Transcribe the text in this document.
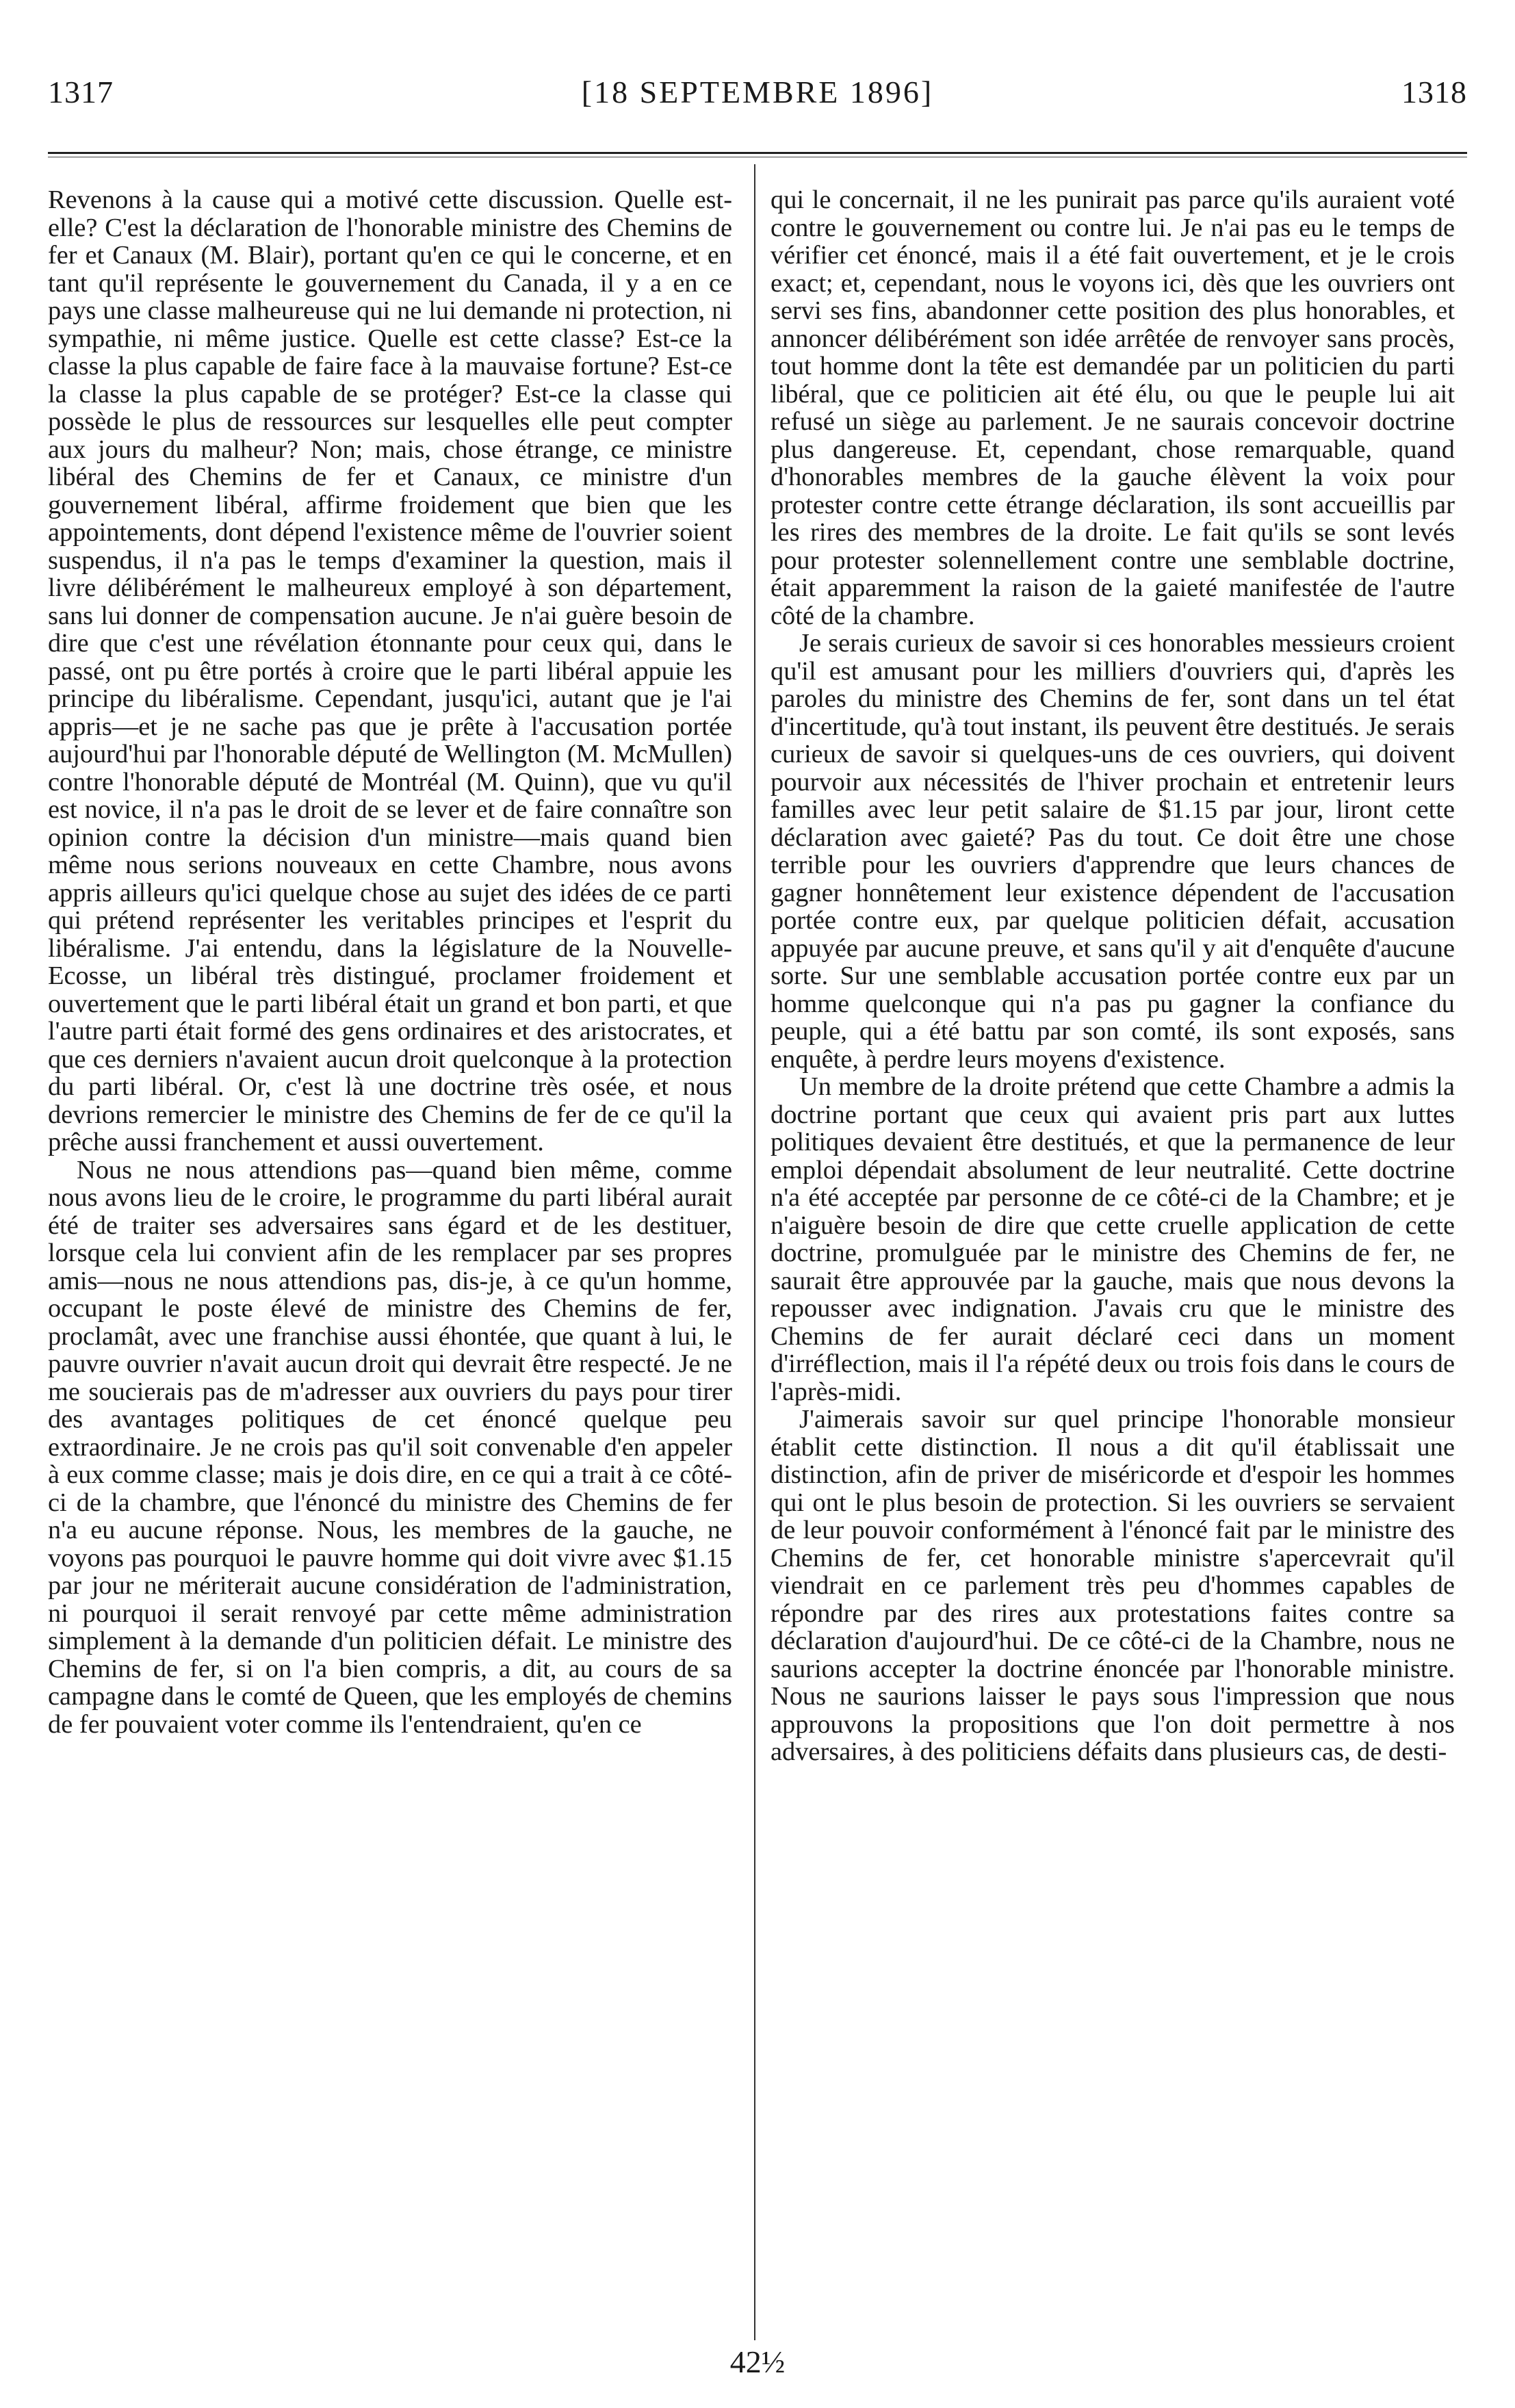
1317	[18 SEPTEMBRE 1896]	1318

Revenons à la cause qui a motivé cette discussion. Quelle est-elle? C'est la déclaration de l'honorable ministre des Chemins de fer et Canaux (M. Blair), portant qu'en ce qui le concerne, et en tant qu'il représente le gouvernement du Canada, il y a en ce pays une classe malheureuse qui ne lui demande ni protection, ni sympathie, ni même justice. Quelle est cette classe? Est-ce la classe la plus capable de faire face à la mauvaise fortune? Est-ce la classe la plus capable de se protéger? Est-ce la classe qui possède le plus de ressources sur lesquelles elle peut compter aux jours du malheur? Non; mais, chose étrange, ce ministre libéral des Chemins de fer et Canaux, ce ministre d'un gouvernement libéral, affirme froidement que bien que les appointements, dont dépend l'existence même de l'ouvrier soient suspendus, il n'a pas le temps d'examiner la question, mais il livre délibérément le malheureux employé à son département, sans lui donner de compensation aucune. Je n'ai guère besoin de dire que c'est une révélation étonnante pour ceux qui, dans le passé, ont pu être portés à croire que le parti libéral appuie les principe du libéralisme. Cependant, jusqu'ici, autant que je l'ai appris—et je ne sache pas que je prête à l'accusation portée aujourd'hui par l'honorable député de Wellington (M. McMullen) contre l'honorable député de Montréal (M. Quinn), que vu qu'il est novice, il n'a pas le droit de se lever et de faire connaître son opinion contre la décision d'un ministre—mais quand bien même nous serions nouveaux en cette Chambre, nous avons appris ailleurs qu'ici quelque chose au sujet des idées de ce parti qui prétend représenter les veritables principes et l'esprit du libéralisme. J'ai entendu, dans la législature de la Nouvelle-Ecosse, un libéral très distingué, proclamer froidement et ouvertement que le parti libéral était un grand et bon parti, et que l'autre parti était formé des gens ordinaires et des aristocrates, et que ces derniers n'avaient aucun droit quelconque à la protection du parti libéral. Or, c'est là une doctrine très osée, et nous devrions remercier le ministre des Chemins de fer de ce qu'il la prêche aussi franchement et aussi ouvertement.

Nous ne nous attendions pas—quand bien même, comme nous avons lieu de le croire, le programme du parti libéral aurait été de traiter ses adversaires sans égard et de les destituer, lorsque cela lui convient afin de les remplacer par ses propres amis—nous ne nous attendions pas, dis-je, à ce qu'un homme, occupant le poste élevé de ministre des Chemins de fer, proclamât, avec une franchise aussi éhontée, que quant à lui, le pauvre ouvrier n'avait aucun droit qui devrait être respecté. Je ne me soucierais pas de m'adresser aux ouvriers du pays pour tirer des avantages politiques de cet énoncé quelque peu extraordinaire. Je ne crois pas qu'il soit convenable d'en appeler à eux comme classe; mais je dois dire, en ce qui a trait à ce côté-ci de la chambre, que l'énoncé du ministre des Chemins de fer n'a eu aucune réponse. Nous, les membres de la gauche, ne voyons pas pourquoi le pauvre homme qui doit vivre avec $1.15 par jour ne mériterait aucune considération de l'administration, ni pourquoi il serait renvoyé par cette même administration simplement à la demande d'un politicien défait. Le ministre des Chemins de fer, si on l'a bien compris, a dit, au cours de sa campagne dans le comté de Queen, que les employés de chemins de fer pouvaient voter comme ils l'entendraient, qu'en ce

qui le concernait, il ne les punirait pas parce qu'ils auraient voté contre le gouvernement ou contre lui. Je n'ai pas eu le temps de vérifier cet énoncé, mais il a été fait ouvertement, et je le crois exact; et, cependant, nous le voyons ici, dès que les ouvriers ont servi ses fins, abandonner cette position des plus honorables, et annoncer délibérément son idée arrêtée de renvoyer sans procès, tout homme dont la tête est demandée par un politicien du parti libéral, que ce politicien ait été élu, ou que le peuple lui ait refusé un siège au parlement. Je ne saurais concevoir doctrine plus dangereuse. Et, cependant, chose remarquable, quand d'honorables membres de la gauche élèvent la voix pour protester contre cette étrange déclaration, ils sont accueillis par les rires des membres de la droite. Le fait qu'ils se sont levés pour protester solennellement contre une semblable doctrine, était apparemment la raison de la gaieté manifestée de l'autre côté de la chambre.

Je serais curieux de savoir si ces honorables messieurs croient qu'il est amusant pour les milliers d'ouvriers qui, d'après les paroles du ministre des Chemins de fer, sont dans un tel état d'incertitude, qu'à tout instant, ils peuvent être destitués. Je serais curieux de savoir si quelques-uns de ces ouvriers, qui doivent pourvoir aux nécessités de l'hiver prochain et entretenir leurs familles avec leur petit salaire de $1.15 par jour, liront cette déclaration avec gaieté? Pas du tout. Ce doit être une chose terrible pour les ouvriers d'apprendre que leurs chances de gagner honnêtement leur existence dépendent de l'accusation portée contre eux, par quelque politicien défait, accusation appuyée par aucune preuve, et sans qu'il y ait d'enquête d'aucune sorte. Sur une semblable accusation portée contre eux par un homme quelconque qui n'a pas pu gagner la confiance du peuple, qui a été battu par son comté, ils sont exposés, sans enquête, à perdre leurs moyens d'existence.

Un membre de la droite prétend que cette Chambre a admis la doctrine portant que ceux qui avaient pris part aux luttes politiques devaient être destitués, et que la permanence de leur emploi dépendait absolument de leur neutralité. Cette doctrine n'a été acceptée par personne de ce côté-ci de la Chambre; et je n'aiguère besoin de dire que cette cruelle application de cette doctrine, promulguée par le ministre des Chemins de fer, ne saurait être approuvée par la gauche, mais que nous devons la repousser avec indignation. J'avais cru que le ministre des Chemins de fer aurait déclaré ceci dans un moment d'irréflection, mais il l'a répété deux ou trois fois dans le cours de l'après-midi.

J'aimerais savoir sur quel principe l'honorable monsieur établit cette distinction. Il nous a dit qu'il établissait une distinction, afin de priver de miséricorde et d'espoir les hommes qui ont le plus besoin de protection. Si les ouvriers se servaient de leur pouvoir conformément à l'énoncé fait par le ministre des Chemins de fer, cet honorable ministre s'apercevrait qu'il viendrait en ce parlement très peu d'hommes capables de répondre par des rires aux protestations faites contre sa déclaration d'aujourd'hui. De ce côté-ci de la Chambre, nous ne saurions accepter la doctrine énoncée par l'honorable ministre. Nous ne saurions laisser le pays sous l'impression que nous approuvons la propositions que l'on doit permettre à nos adversaires, à des politiciens défaits dans plusieurs cas, de desti-

42½
